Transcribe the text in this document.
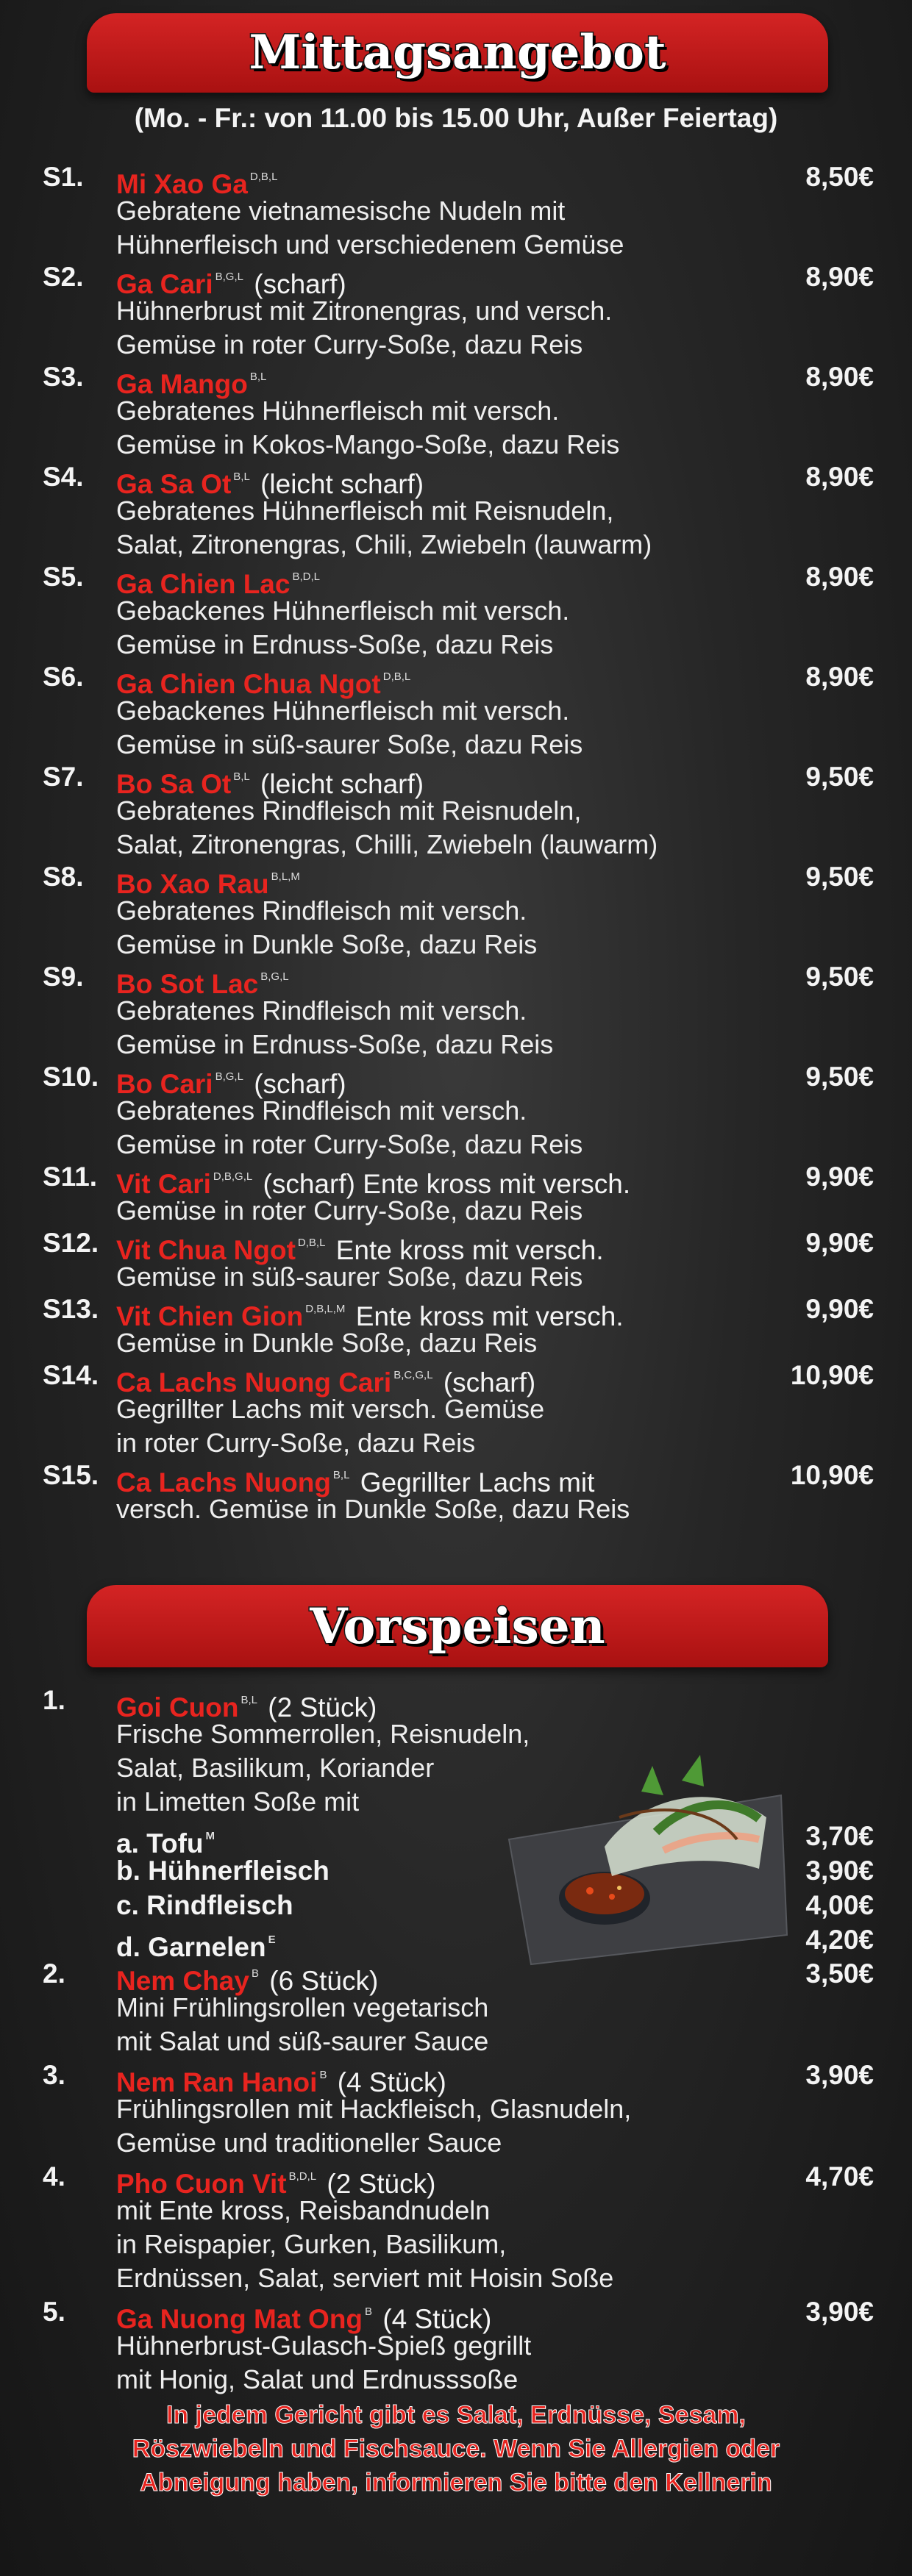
Mittagsangebot
(Mo. - Fr.: von 11.00 bis 15.00 Uhr, Außer Feiertag)
S1. Mi Xao Ga $^{D,B,L}$	8,50€
Gebratene vietnamesische Nudeln mit
Hühnerfleisch und verschiedenem Gemüse
S2. Ga Cari $^{B,G,L}$ (scharf)	8,90€
Hühnerbrust mit Zitronengras, und versch.
Gemüse in roter Curry-Soße, dazu Reis
S3. Ga Mango $^{B,L}$	8,90€
Gebratenes Hühnerfleisch mit versch.
Gemüse in Kokos-Mango-Soße, dazu Reis
S4. Ga Sa Ot $^{B,L}$ (leicht scharf)	8,90€
Gebratenes Hühnerfleisch mit Reisnudeln,
Salat, Zitronengras, Chili, Zwiebeln (lauwarm)
S5. Ga Chien Lac $^{B,D,L}$	8,90€
Gebackenes Hühnerfleisch mit versch.
Gemüse in Erdnuss-Soße, dazu Reis
S6. Ga Chien Chua Ngot $^{D,B,L}$	8,90€
Gebackenes Hühnerfleisch mit versch.
Gemüse in süß-saurer Soße, dazu Reis
S7. Bo Sa Ot $^{B,L}$ (leicht scharf)	9,50€
Gebratenes Rindfleisch mit Reisnudeln,
Salat, Zitronengras, Chilli, Zwiebeln (lauwarm)
S8. Bo Xao Rau $^{B,L,M}$	9,50€
Gebratenes Rindfleisch mit versch.
Gemüse in Dunkle Soße, dazu Reis
S9. Bo Sot Lac $^{B,G,L}$	9,50€
Gebratenes Rindfleisch mit versch.
Gemüse in Erdnuss-Soße, dazu Reis
S10. Bo Cari $^{B,G,L}$ (scharf)	9,50€
Gebratenes Rindfleisch mit versch.
Gemüse in roter Curry-Soße, dazu Reis
S11. Vit Cari $^{D,B,G,L}$ (scharf) Ente kross mit versch.	9,90€
Gemüse in roter Curry-Soße, dazu Reis
S12. Vit Chua Ngot $^{D,B,L}$ Ente kross mit versch.	9,90€
Gemüse in süß-saurer Soße, dazu Reis
S13. Vit Chien Gion $^{D,B,L,M}$ Ente kross mit versch.	9,90€
Gemüse in Dunkle Soße, dazu Reis
S14. Ca Lachs Nuong Cari $^{B,C,G,L}$ (scharf)	10,90€
Gegrillter Lachs mit versch. Gemüse
in roter Curry-Soße, dazu Reis
S15. Ca Lachs Nuong $^{B,L}$ Gegrillter Lachs mit	10,90€
versch. Gemüse in Dunkle Soße, dazu Reis
Vorspeisen
1. Goi Cuon $^{B,L}$ (2 Stück)
Frische Sommerrollen, Reisnudeln,
Salat, Basilikum, Koriander
in Limetten Soße mit
a. Tofu $^M$	3,70€
b. Hühnerfleisch	3,90€
c. Rindfleisch	4,00€
d. Garnelen $^E$	4,20€
2. Nem Chay $^B$ (6 Stück)	3,50€
Mini Frühlingsrollen vegetarisch
mit Salat und süß-saurer Sauce
3. Nem Ran Hanoi $^B$ (4 Stück)	3,90€
Frühlingsrollen mit Hackfleisch, Glasnudeln,
Gemüse und traditioneller Sauce
4. Pho Cuon Vit $^{B,D,L}$ (2 Stück)	4,70€
mit Ente kross, Reisbandnudeln
in Reispapier, Gurken, Basilikum,
Erdnüssen, Salat, serviert mit Hoisin Soße
5. Ga Nuong Mat Ong $^B$ (4 Stück)	3,90€
Hühnerbrust-Gulasch-Spieß gegrillt
mit Honig, Salat und Erdnusssoße
In jedem Gericht gibt es Salat, Erdnüsse, Sesam,
Röszwiebeln und Fischsauce. Wenn Sie Allergien oder
Abneigung haben, informieren Sie bitte den Kellnerin
